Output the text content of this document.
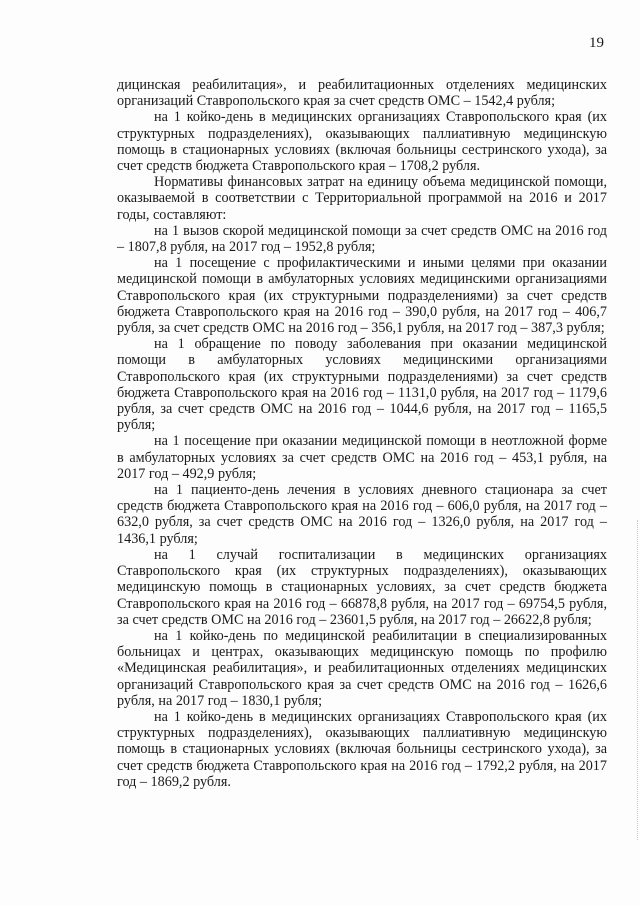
19

дицинская реабилитация», и реабилитационных отделениях медицинских организаций Ставропольского края за счет средств ОМС – 1542,4 рубля;

на 1 койко-день в медицинских организациях Ставропольского края (их структурных подразделениях), оказывающих паллиативную медицинскую помощь в стационарных условиях (включая больницы сестринского ухода), за счет средств бюджета Ставропольского края – 1708,2 рубля.

Нормативы финансовых затрат на единицу объема медицинской помощи, оказываемой в соответствии с Территориальной программой на 2016 и 2017 годы, составляют:

на 1 вызов скорой медицинской помощи за счет средств ОМС на 2016 год – 1807,8 рубля, на 2017 год – 1952,8 рубля;

на 1 посещение с профилактическими и иными целями при оказании медицинской помощи в амбулаторных условиях медицинскими организациями Ставропольского края (их структурными подразделениями) за счет средств бюджета Ставропольского края на 2016 год – 390,0 рубля, на 2017 год – 406,7 рубля, за счет средств ОМС на 2016 год – 356,1 рубля, на 2017 год – 387,3 рубля;

на 1 обращение по поводу заболевания при оказании медицинской помощи в амбулаторных условиях медицинскими организациями Ставропольского края (их структурными подразделениями) за счет средств бюджета Ставропольского края на 2016 год – 1131,0 рубля, на 2017 год – 1179,6 рубля, за счет средств ОМС на 2016 год – 1044,6 рубля, на 2017 год – 1165,5 рубля;

на 1 посещение при оказании медицинской помощи в неотложной форме в амбулаторных условиях за счет средств ОМС на 2016 год – 453,1 рубля, на 2017 год – 492,9 рубля;

на 1 пациенто-день лечения в условиях дневного стационара за счет средств бюджета Ставропольского края на 2016 год – 606,0 рубля, на 2017 год – 632,0 рубля, за счет средств ОМС на 2016 год – 1326,0 рубля, на 2017 год – 1436,1 рубля;

на 1 случай госпитализации в медицинских организациях Ставропольского края (их структурных подразделениях), оказывающих медицинскую помощь в стационарных условиях, за счет средств бюджета Ставропольского края на 2016 год – 66878,8 рубля, на 2017 год – 69754,5 рубля, за счет средств ОМС на 2016 год – 23601,5 рубля, на 2017 год – 26622,8 рубля;

на 1 койко-день по медицинской реабилитации в специализированных больницах и центрах, оказывающих медицинскую помощь по профилю «Медицинская реабилитация», и реабилитационных отделениях медицинских организаций Ставропольского края за счет средств ОМС на 2016 год – 1626,6 рубля, на 2017 год – 1830,1 рубля;

на 1 койко-день в медицинских организациях Ставропольского края (их структурных подразделениях), оказывающих паллиативную медицинскую помощь в стационарных условиях (включая больницы сестринского ухода), за счет средств бюджета Ставропольского края на 2016 год – 1792,2 рубля, на 2017 год – 1869,2 рубля.
